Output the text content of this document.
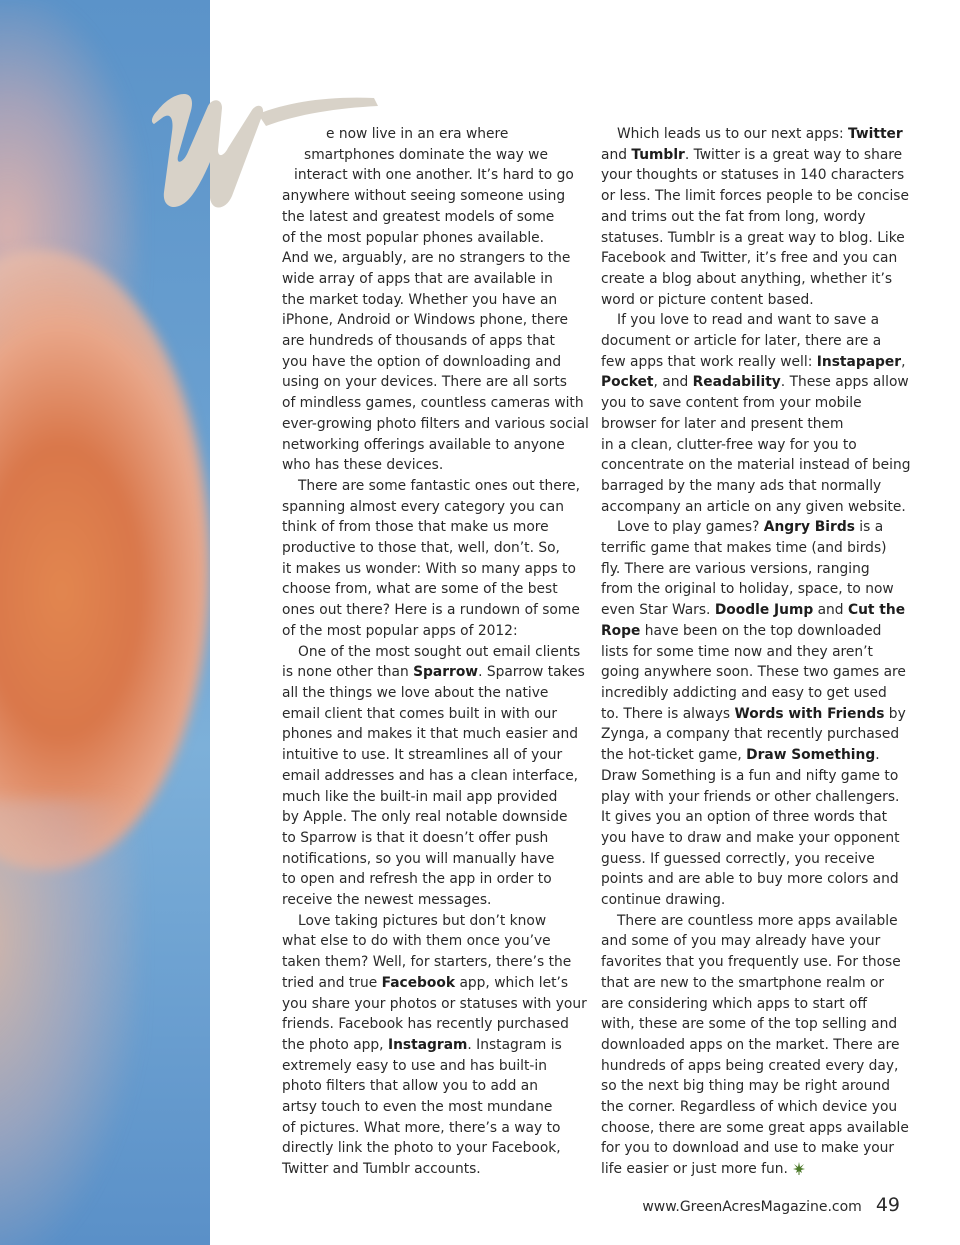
e now live in an era where
smartphones dominate the way we
interact with one another. It’s hard to go
anywhere without seeing someone using
the latest and greatest models of some
of the most popular phones available.
And we, arguably, are no strangers to the
wide array of apps that are available in
the market today. Whether you have an
iPhone, Android or Windows phone, there
are hundreds of thousands of apps that
you have the option of downloading and
using on your devices. There are all sorts
of mindless games, countless cameras with
ever-growing photo filters and various social
networking offerings available to anyone
who has these devices.
There are some fantastic ones out there,
spanning almost every category you can
think of from those that make us more
productive to those that, well, don’t. So,
it makes us wonder: With so many apps to
choose from, what are some of the best
ones out there? Here is a rundown of some
of the most popular apps of 2012:
One of the most sought out email clients
is none other than Sparrow. Sparrow takes
all the things we love about the native
email client that comes built in with our
phones and makes it that much easier and
intuitive to use. It streamlines all of your
email addresses and has a clean interface,
much like the built-in mail app provided
by Apple. The only real notable downside
to Sparrow is that it doesn’t offer push
notifications, so you will manually have
to open and refresh the app in order to
receive the newest messages.
Love taking pictures but don’t know
what else to do with them once you’ve
taken them? Well, for starters, there’s the
tried and true Facebook app, which let’s
you share your photos or statuses with your
friends. Facebook has recently purchased
the photo app, Instagram. Instagram is
extremely easy to use and has built-in
photo filters that allow you to add an
artsy touch to even the most mundane
of pictures. What more, there’s a way to
directly link the photo to your Facebook,
Twitter and Tumblr accounts.
Which leads us to our next apps: Twitter
and Tumblr. Twitter is a great way to share
your thoughts or statuses in 140 characters
or less. The limit forces people to be concise
and trims out the fat from long, wordy
statuses. Tumblr is a great way to blog. Like
Facebook and Twitter, it’s free and you can
create a blog about anything, whether it’s
word or picture content based.
If you love to read and want to save a
document or article for later, there are a
few apps that work really well: Instapaper,
Pocket, and Readability. These apps allow
you to save content from your mobile
browser for later and present them
in a clean, clutter-free way for you to
concentrate on the material instead of being
barraged by the many ads that normally
accompany an article on any given website.
Love to play games? Angry Birds is a
terrific game that makes time (and birds)
fly. There are various versions, ranging
from the original to holiday, space, to now
even Star Wars. Doodle Jump and Cut the
Rope have been on the top downloaded
lists for some time now and they aren’t
going anywhere soon. These two games are
incredibly addicting and easy to get used
to. There is always Words with Friends by
Zynga, a company that recently purchased
the hot-ticket game, Draw Something.
Draw Something is a fun and nifty game to
play with your friends or other challengers.
It gives you an option of three words that
you have to draw and make your opponent
guess. If guessed correctly, you receive
points and are able to buy more colors and
continue drawing.
There are countless more apps available
and some of you may already have your
favorites that you frequently use. For those
that are new to the smartphone realm or
are considering which apps to start off
with, these are some of the top selling and
downloaded apps on the market. There are
hundreds of apps being created every day,
so the next big thing may be right around
the corner. Regardless of which device you
choose, there are some great apps available
for you to download and use to make your
life easier or just more fun.
www.GreenAcresMagazine.com 49
